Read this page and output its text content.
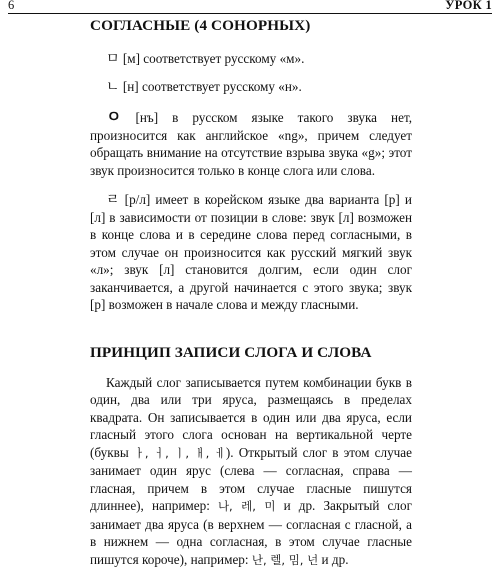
6	УРОК 1
СОГЛАСНЫЕ (4 СОНОРНЫХ)

ㅁ [м] соответствует русскому «м».

ㄴ [н] соответствует русскому «н».

ㅇ [нъ] в русском языке такого звука нет, произносится как английское «ng», причем следует обращать внимание на отсутствие взрыва звука «g»; этот звук произносится только в конце слога или слова.

ㄹ [р/л] имеет в корейском языке два варианта [р] и [л] в зависимости от позиции в слове: звук [л] возможен в конце слова и в середине слова перед согласными, в этом случае он произносится как русский мягкий звук «л»; звук [л] становится долгим, если один слог заканчивается, а другой начинается с этого звука; звук [р] возможен в начале слова и между гласными.

ПРИНЦИП ЗАПИСИ СЛОГА И СЛОВА

Каждый слог записывается путем комбинации букв в один, два или три яруса, размещаясь в пределах квадрата. Он записывается в один или два яруса, если гласный этого слога основан на вертикальной черте (буквы ㅏ, ㅓ, ㅣ, ㅐ, ㅔ). Открытый слог в этом случае занимает один ярус (слева — согласная, справа — гласная, причем в этом случае гласные пишутся длиннее), например: 나, 레, 미 и др. Закрытый слог занимает два яруса (в верхнем — согласная с гласной, а в нижнем — одна согласная, в этом случае гласные пишутся короче), например: 난, 렐, 밈, 넌 и др.
